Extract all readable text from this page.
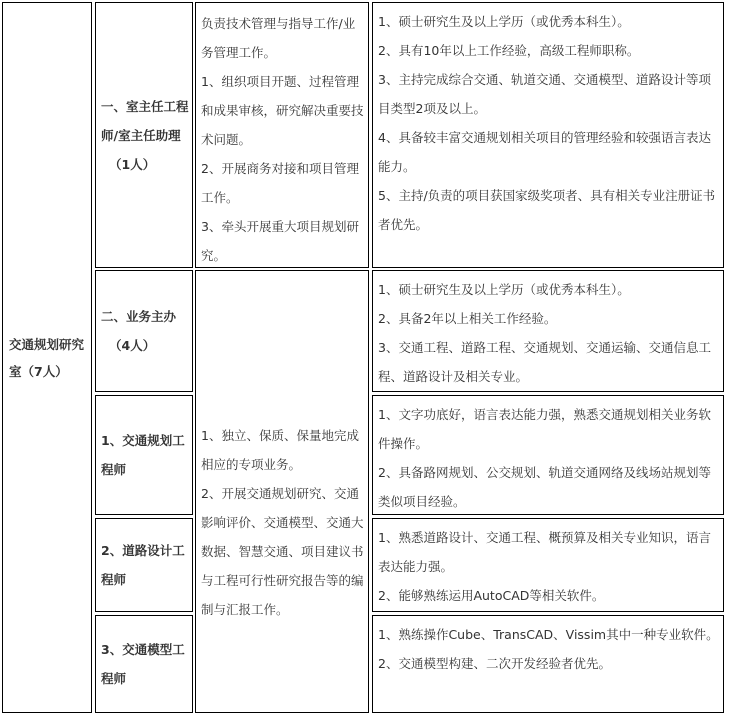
交通规划研究室（7人）
一、室主任工程师/室主任助理
（1人）

负责技术管理与指导工作/业务管理工作。

1、组织项目开题、过程管理和成果审核，研究解决重要技术问题。

2、开展商务对接和项目管理工作。

3、牵头开展重大项目规划研究。

1、硕士研究生及以上学历（或优秀本科生）。

2、具有10年以上工作经验，高级工程师职称。

3、主持完成综合交通、轨道交通、交通模型、道路设计等项目类型2项及以上。

4、具备较丰富交通规划相关项目的管理经验和较强语言表达能力。

5、主持/负责的项目获国家级奖项者、具有相关专业注册证书者优先。

1、独立、保质、保量地完成相应的专项业务。

2、开展交通规划研究、交通影响评价、交通模型、交通大数据、智慧交通、项目建议书与工程可行性研究报告等的编制与汇报工作。

二、业务主办
（4人）

1、硕士研究生及以上学历（或优秀本科生）。

2、具备2年以上相关工作经验。

3、交通工程、道路工程、交通规划、交通运输、交通信息工程、道路设计及相关专业。

1、交通规划工程师

1、文字功底好，语言表达能力强，熟悉交通规划相关业务软件操作。

2、具备路网规划、公交规划、轨道交通网络及线场站规划等类似项目经验。

2、道路设计工程师

1、熟悉道路设计、交通工程、概预算及相关专业知识，语言表达能力强。

2、能够熟练运用AutoCAD等相关软件。

3、交通模型工程师

1、熟练操作Cube、TransCAD、Vissim其中一种专业软件。

2、交通模型构建、二次开发经验者优先。
